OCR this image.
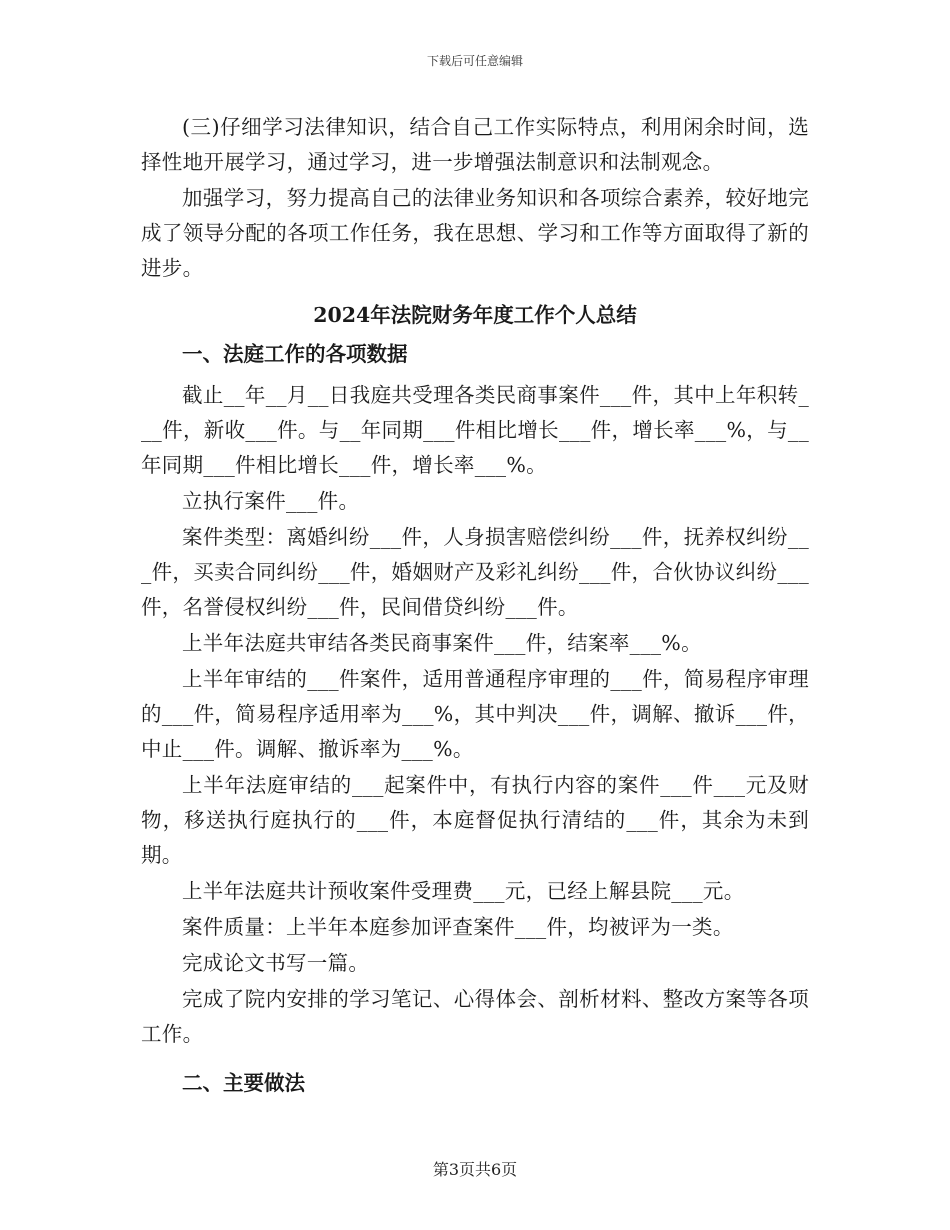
下载后可任意编辑

(三)仔细学习法律知识，结合自己工作实际特点，利用闲余时间，选择性地开展学习，通过学习，进一步增强法制意识和法制观念。

加强学习，努力提高自己的法律业务知识和各项综合素养，较好地完成了领导分配的各项工作任务，我在思想、学习和工作等方面取得了新的进步。

2024年法院财务年度工作个人总结
一、法庭工作的各项数据

截止__年__月__日我庭共受理各类民商事案件___件，其中上年积转___件，新收___件。与__年同期___件相比增长___件，增长率___%，与__年同期___件相比增长___件，增长率___%。

立执行案件___件。

案件类型：离婚纠纷___件，人身损害赔偿纠纷___件，抚养权纠纷___件，买卖合同纠纷___件，婚姻财产及彩礼纠纷___件，合伙协议纠纷___件，名誉侵权纠纷___件，民间借贷纠纷___件。

上半年法庭共审结各类民商事案件___件，结案率___%。

上半年审结的___件案件，适用普通程序审理的___件，简易程序审理的___件，简易程序适用率为___%，其中判决___件，调解、撤诉___件，中止___件。调解、撤诉率为___%。

上半年法庭审结的___起案件中，有执行内容的案件___件___元及财物，移送执行庭执行的___件，本庭督促执行清结的___件，其余为未到期。

上半年法庭共计预收案件受理费___元，已经上解县院___元。

案件质量：上半年本庭参加评查案件___件，均被评为一类。

完成论文书写一篇。

完成了院内安排的学习笔记、心得体会、剖析材料、整改方案等各项工作。

二、主要做法
第3页共6页
